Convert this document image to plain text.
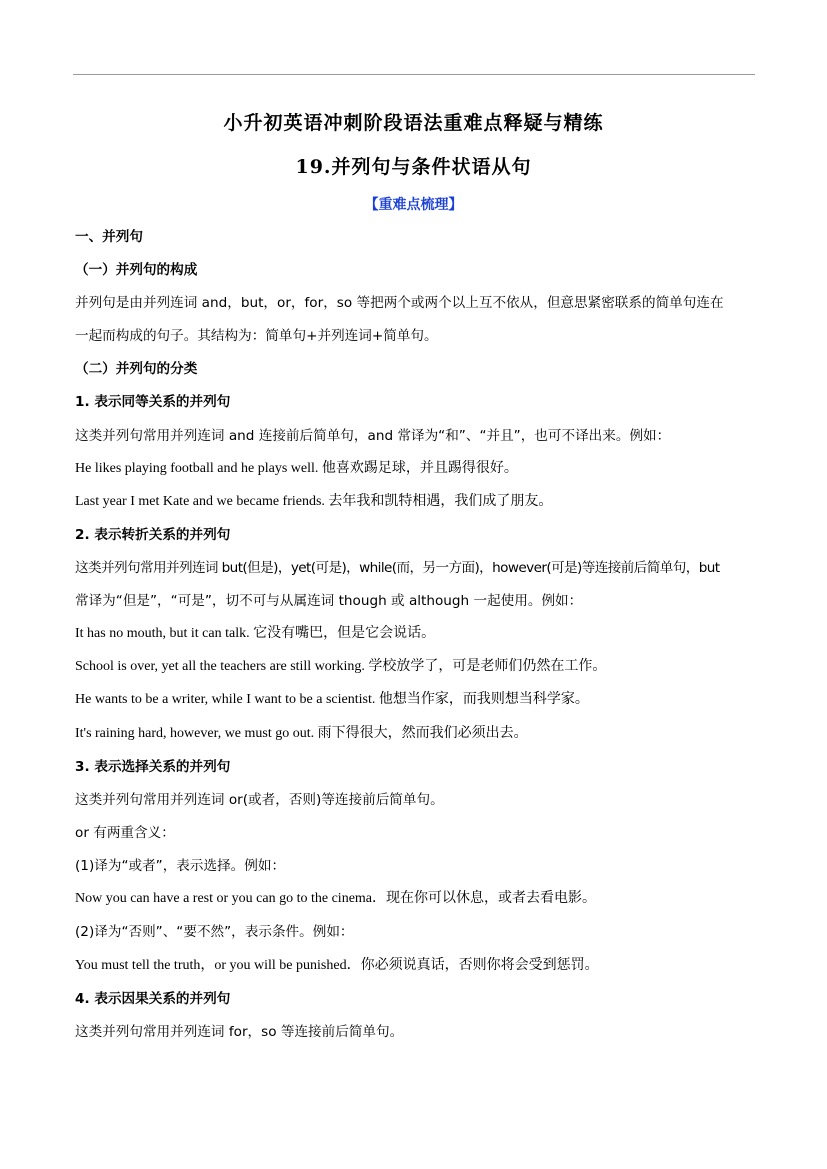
小升初英语冲刺阶段语法重难点释疑与精练
19.并列句与条件状语从句
【重难点梳理】
一、并列句
（一）并列句的构成
并列句是由并列连词 and，but，or，for，so 等把两个或两个以上互不依从，但意思紧密联系的简单句连在
一起而构成的句子。其结构为：简单句+并列连词+简单句。
（二）并列句的分类
1. 表示同等关系的并列句
这类并列句常用并列连词 and 连接前后简单句，and 常译为“和”、“并且”，也可不译出来。例如：
He likes playing football and he plays well. 他喜欢踢足球，并且踢得很好。
Last year I met Kate and we became friends. 去年我和凯特相遇，我们成了朋友。
2. 表示转折关系的并列句
这类并列句常用并列连词 but(但是)，yet(可是)，while(而，另一方面)，however(可是)等连接前后简单句，but
常译为“但是”，“可是”，切不可与从属连词 though 或 although 一起使用。例如：
It has no mouth, but it can talk. 它没有嘴巴，但是它会说话。
School is over, yet all the teachers are still working. 学校放学了，可是老师们仍然在工作。
He wants to be a writer, while I want to be a scientist. 他想当作家，而我则想当科学家。
It's raining hard, however, we must go out. 雨下得很大，然而我们必须出去。
3. 表示选择关系的并列句
这类并列句常用并列连词 or(或者，否则)等连接前后简单句。
or 有两重含义：
(1)译为“或者”，表示选择。例如：
Now you can have a rest or you can go to the cinema．现在你可以休息，或者去看电影。
(2)译为“否则”、“要不然”，表示条件。例如：
You must tell the truth，or you will be punished．你必须说真话，否则你将会受到惩罚。
4. 表示因果关系的并列句
这类并列句常用并列连词 for，so 等连接前后简单句。
